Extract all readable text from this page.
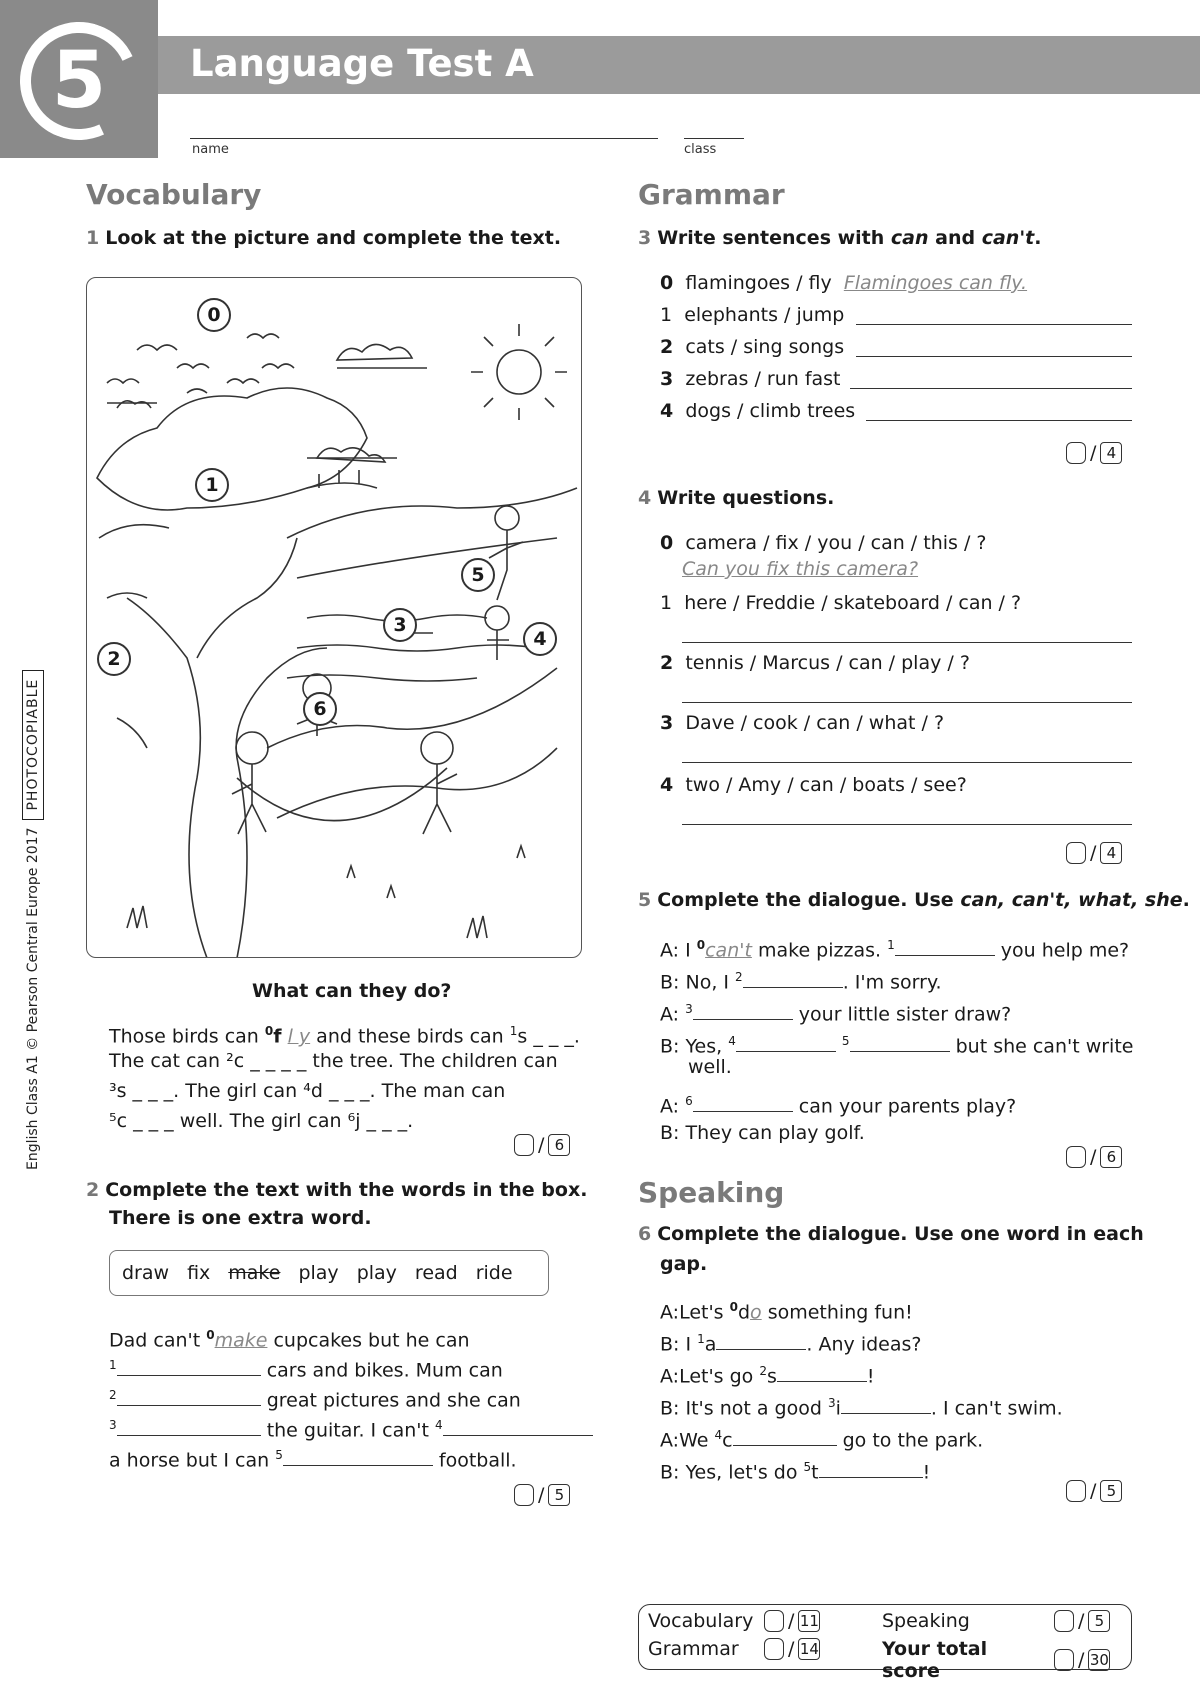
5	Language Test A
name	class
English Class A1 © Pearson Central Europe 2017
PHOTOCOPIABLE
Vocabulary
1 Look at the picture and complete the text.
0
1
2
3
4
5
6
What can they do?
Those birds can $^0$f l y and these birds can $^1$s _ _ _.
The cat can ²c _ _ _ _ the tree. The children can
³s _ _ _. The girl can ⁴d _ _ _. The man can
⁵c _ _ _ well. The girl can ⁶j _ _ _.
/ 6
2 Complete the text with the words in the box.
There is one extra word.
draw fix make play play read ride
Dad can't $^0$make cupcakes but he can
$^1$	cars and bikes. Mum can
$^2$	great pictures and she can
$^3$	the guitar. I can't $^4$
a horse but I can $^5$	football.
/ 5
Grammar
3 Write sentences with can and can't.
0 flamingoes / fly Flamingoes can fly.
1 elephants / jump
2 cats / sing songs
3 zebras / run fast
4 dogs / climb trees
/ 4
4 Write questions.
0 camera / fix / you / can / this / ?
Can you fix this camera?
1 here / Freddie / skateboard / can / ?
2 tennis / Marcus / can / play / ?
3 Dave / cook / can / what / ?
4 two / Amy / can / boats / see?
/ 4
5 Complete the dialogue. Use can, can't, what, she.
A: I $^0$can't make pizzas. $^1$	you help me?
B: No, I $^2$	. I'm sorry.
A: $^3$	your little sister draw?
B: Yes, $^4$	$^5$	but she can't write
well.
A: $^6$	can your parents play?
B: They can play golf.
/ 6
Speaking
6 Complete the dialogue. Use one word in each
gap.
A:Let's $^0$do something fun!
B: I $^1$a	. Any ideas?
A:Let's go $^2$s	!
B: It's not a good $^3$i	. I can't swim.
A:We $^4$c	go to the park.
B: Yes, let's do $^5$t	!
/ 5
Vocabulary	/ 11
Grammar	/ 14
Speaking	/ 5
Your total score	/ 30
